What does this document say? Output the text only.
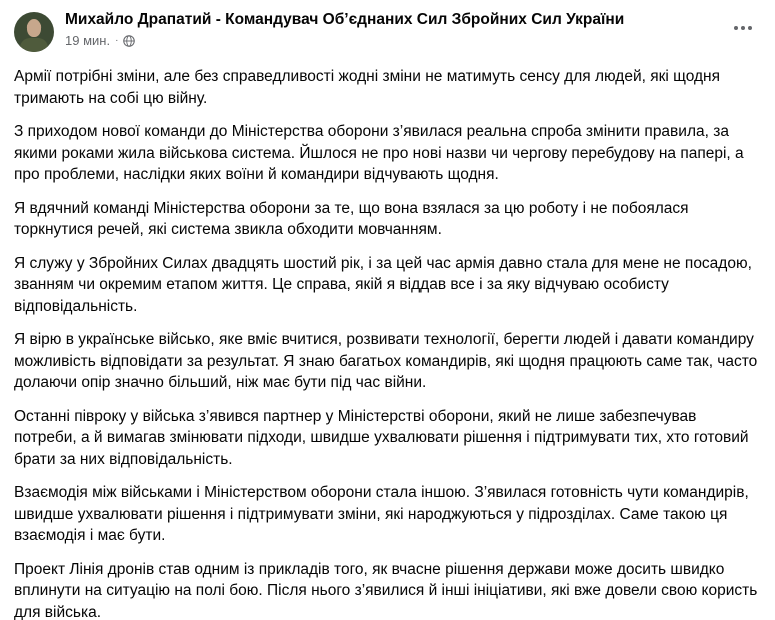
Михайло Драпатий - Командувач Об’єднаних Сил Збройних Сил України
19 мин. ·

Армії потрібні зміни, але без справедливості жодні зміни не матимуть сенсу для людей, які щодня тримають на собі цю війну.

З приходом нової команди до Міністерства оборони з’явилася реальна спроба змінити правила, за якими роками жила військова система. Йшлося не про нові назви чи чергову перебудову на папері, а про проблеми, наслідки яких воїни й командири відчувають щодня.

Я вдячний команді Міністерства оборони за те, що вона взялася за цю роботу і не побоялася торкнутися речей, які система звикла обходити мовчанням.

Я служу у Збройних Силах двадцять шостий рік, і за цей час армія давно стала для мене не посадою, званням чи окремим етапом життя. Це справа, якій я віддав все і за яку відчуваю особисту відповідальність.

Я вірю в українське військо, яке вміє вчитися, розвивати технології, берегти людей і давати командиру можливість відповідати за результат. Я знаю багатьох командирів, які щодня працюють саме так, часто долаючи опір значно більший, ніж має бути під час війни.

Останні півроку у війська з’явився партнер у Міністерстві оборони, який не лише забезпечував потреби, а й вимагав змінювати підходи, швидше ухвалювати рішення і підтримувати тих, хто готовий брати за них відповідальність.

Взаємодія між військами і Міністерством оборони стала іншою. З’явилася готовність чути командирів, швидше ухвалювати рішення і підтримувати зміни, які народжуються у підрозділах. Саме такою ця взаємодія і має бути.

Проект Лінія дронів став одним із прикладів того, як вчасне рішення держави може досить швидко вплинути на ситуацію на полі бою. Після нього з’явилися й інші ініціативи, які вже довели свою користь для війська.
